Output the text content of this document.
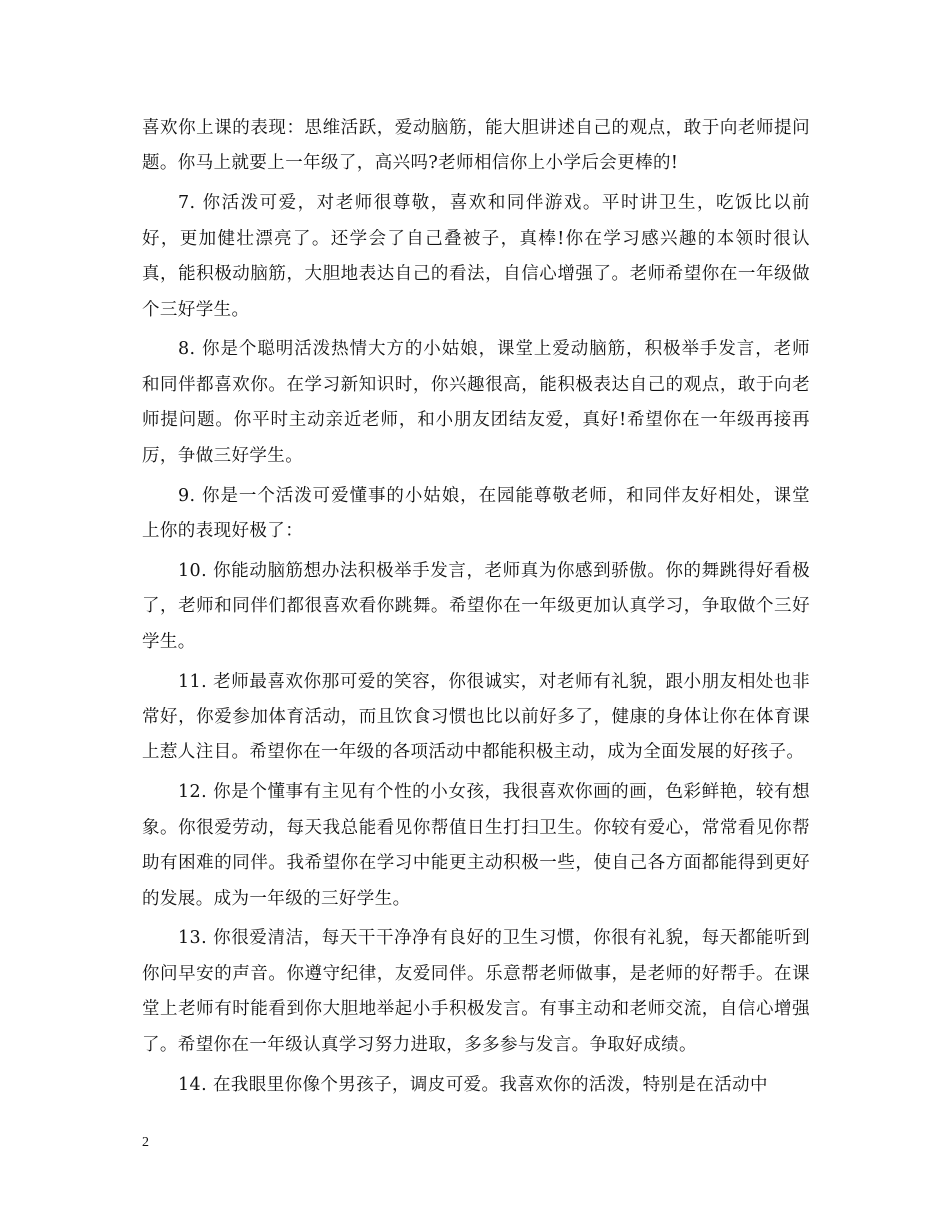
喜欢你上课的表现：思维活跃，爱动脑筋，能大胆讲述自己的观点，敢于向老师提问题。你马上就要上一年级了，高兴吗?老师相信你上小学后会更棒的!

7. 你活泼可爱，对老师很尊敬，喜欢和同伴游戏。平时讲卫生，吃饭比以前好，更加健壮漂亮了。还学会了自己叠被子，真棒!你在学习感兴趣的本领时很认真，能积极动脑筋，大胆地表达自己的看法，自信心增强了。老师希望你在一年级做个三好学生。

8. 你是个聪明活泼热情大方的小姑娘，课堂上爱动脑筋，积极举手发言，老师和同伴都喜欢你。在学习新知识时，你兴趣很高，能积极表达自己的观点，敢于向老师提问题。你平时主动亲近老师，和小朋友团结友爱，真好!希望你在一年级再接再厉，争做三好学生。

9. 你是一个活泼可爱懂事的小姑娘，在园能尊敬老师，和同伴友好相处，课堂上你的表现好极了：

10. 你能动脑筋想办法积极举手发言，老师真为你感到骄傲。你的舞跳得好看极了，老师和同伴们都很喜欢看你跳舞。希望你在一年级更加认真学习，争取做个三好学生。

11. 老师最喜欢你那可爱的笑容，你很诚实，对老师有礼貌，跟小朋友相处也非常好，你爱参加体育活动，而且饮食习惯也比以前好多了，健康的身体让你在体育课上惹人注目。希望你在一年级的各项活动中都能积极主动，成为全面发展的好孩子。

12. 你是个懂事有主见有个性的小女孩，我很喜欢你画的画，色彩鲜艳，较有想象。你很爱劳动，每天我总能看见你帮值日生打扫卫生。你较有爱心，常常看见你帮助有困难的同伴。我希望你在学习中能更主动积极一些，使自己各方面都能得到更好的发展。成为一年级的三好学生。

13. 你很爱清洁，每天干干净净有良好的卫生习惯，你很有礼貌，每天都能听到你问早安的声音。你遵守纪律，友爱同伴。乐意帮老师做事，是老师的好帮手。在课堂上老师有时能看到你大胆地举起小手积极发言。有事主动和老师交流，自信心增强了。希望你在一年级认真学习努力进取，多多参与发言。争取好成绩。

14. 在我眼里你像个男孩子，调皮可爱。我喜欢你的活泼，特别是在活动中

2
